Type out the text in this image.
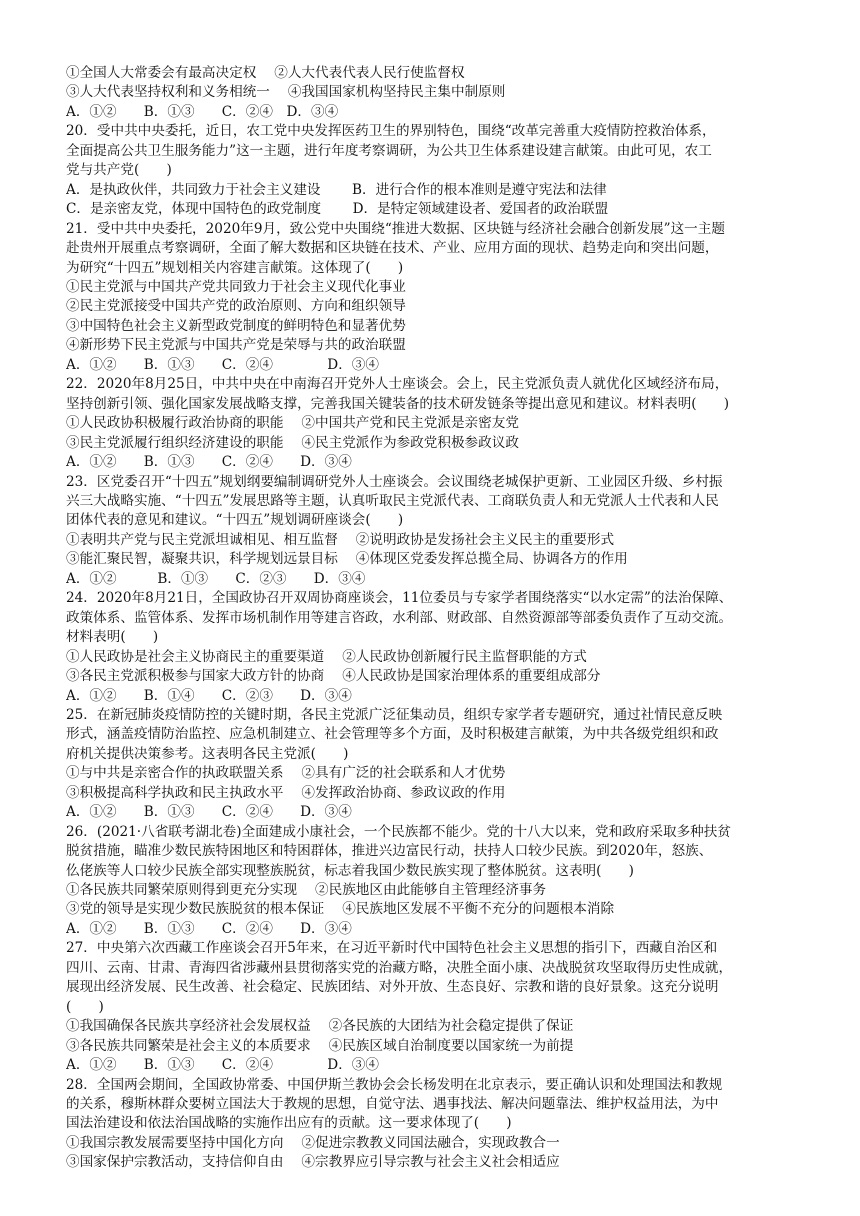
①全国人大常委会有最高决定权　 ②人大代表代表人民行使监督权
③人大代表坚持权利和义务相统一　 ④我国国家机构坚持民主集中制原则
A．①②　　B．①③　　C．②④　D．③④
20．受中共中央委托，近日，农工党中央发挥医药卫生的界别特色，围绕“改革完善重大疫情防控救治体系，
全面提高公共卫生服务能力”这一主题，进行年度考察调研，为公共卫生体系建设建言献策。由此可见，农工
党与共产党(　　)
A．是执政伙伴，共同致力于社会主义建设　　 B．进行合作的根本准则是遵守宪法和法律
C．是亲密友党，体现中国特色的政党制度　　 D．是特定领域建设者、爱国者的政治联盟
21．受中共中央委托，2020年9月，致公党中央围绕“推进大数据、区块链与经济社会融合创新发展”这一主题
赴贵州开展重点考察调研，全面了解大数据和区块链在技术、产业、应用方面的现状、趋势走向和突出问题，
为研究“十四五”规划相关内容建言献策。这体现了(　　)
①民主党派与中国共产党共同致力于社会主义现代化事业
②民主党派接受中国共产党的政治原则、方向和组织领导
③中国特色社会主义新型政党制度的鲜明特色和显著优势
④新形势下民主党派与中国共产党是荣辱与共的政治联盟
A．①②　　B．①③　　C．②④　　　　D．③④
22．2020年8月25日，中共中央在中南海召开党外人士座谈会。会上，民主党派负责人就优化区域经济布局，
坚持创新引领、强化国家发展战略支撑，完善我国关键装备的技术研发链条等提出意见和建议。材料表明(　　)
①人民政协积极履行政治协商的职能　 ②中国共产党和民主党派是亲密友党
③民主党派履行组织经济建设的职能　 ④民主党派作为参政党积极参政议政
A．①②　　B．①③　　C．②④　　D．③④
23．区党委召开“十四五”规划纲要编制调研党外人士座谈会。会议围绕老城保护更新、工业园区升级、乡村振
兴三大战略实施、“十四五”发展思路等主题，认真听取民主党派代表、工商联负责人和无党派人士代表和人民
团体代表的意见和建议。“十四五”规划调研座谈会(　　)
①表明共产党与民主党派坦诚相见、相互监督　 ②说明政协是发扬社会主义民主的重要形式
③能汇聚民智，凝聚共识，科学规划远景目标　 ④体现区党委发挥总揽全局、协调各方的作用
A．①②　　　B．①③　　C．②③　　D．③④
24．2020年8月21日，全国政协召开双周协商座谈会，11位委员与专家学者围绕落实“以水定需”的法治保障、
政策体系、监管体系、发挥市场机制作用等建言咨政，水利部、财政部、自然资源部等部委负责作了互动交流。
材料表明(　　)
①人民政协是社会主义协商民主的重要渠道　 ②人民政协创新履行民主监督职能的方式
③各民主党派积极参与国家大政方针的协商　 ④人民政协是国家治理体系的重要组成部分
A．①②　　B．①④　　C．②③　　D．③④
25．在新冠肺炎疫情防控的关键时期，各民主党派广泛征集动员，组织专家学者专题研究，通过社情民意反映
形式，涵盖疫情防治监控、应急机制建立、社会管理等多个方面，及时积极建言献策，为中共各级党组织和政
府机关提供决策参考。这表明各民主党派(　　)
①与中共是亲密合作的执政联盟关系　 ②具有广泛的社会联系和人才优势
③积极提高科学执政和民主执政水平　 ④发挥政治协商、参政议政的作用
A．①②　　B．①③　　C．②④　　D．③④
26．(2021·八省联考湖北卷)全面建成小康社会，一个民族都不能少。党的十八大以来，党和政府采取多种扶贫
脱贫措施，瞄准少数民族特困地区和特困群体，推进兴边富民行动，扶持人口较少民族。到2020年，怒族、
仫佬族等人口较少民族全部实现整族脱贫，标志着我国少数民族实现了整体脱贫。这表明(　　)
①各民族共同繁荣原则得到更充分实现　 ②民族地区由此能够自主管理经济事务
③党的领导是实现少数民族脱贫的根本保证　 ④民族地区发展不平衡不充分的问题根本消除
A．①②　　B．①③　　C．②④　　D．③④
27．中央第六次西藏工作座谈会召开5年来，在习近平新时代中国特色社会主义思想的指引下，西藏自治区和
四川、云南、甘肃、青海四省涉藏州县贯彻落实党的治藏方略，决胜全面小康、决战脱贫攻坚取得历史性成就，
展现出经济发展、民生改善、社会稳定、民族团结、对外开放、生态良好、宗教和谐的良好景象。这充分说明
(　　)
①我国确保各民族共享经济社会发展权益　 ②各民族的大团结为社会稳定提供了保证
③各民族共同繁荣是社会主义的本质要求　 ④民族区域自治制度要以国家统一为前提
A．①②　　B．①③　　C．②④　　　　D．③④
28．全国两会期间，全国政协常委、中国伊斯兰教协会会长杨发明在北京表示，要正确认识和处理国法和教规
的关系，穆斯林群众要树立国法大于教规的思想，自觉守法、遇事找法、解决问题靠法、维护权益用法，为中
国法治建设和依法治国战略的实施作出应有的贡献。这一要求体现了(　　)
①我国宗教发展需要坚持中国化方向　 ②促进宗教教义同国法融合，实现政教合一
③国家保护宗教活动，支持信仰自由　 ④宗教界应引导宗教与社会主义社会相适应
